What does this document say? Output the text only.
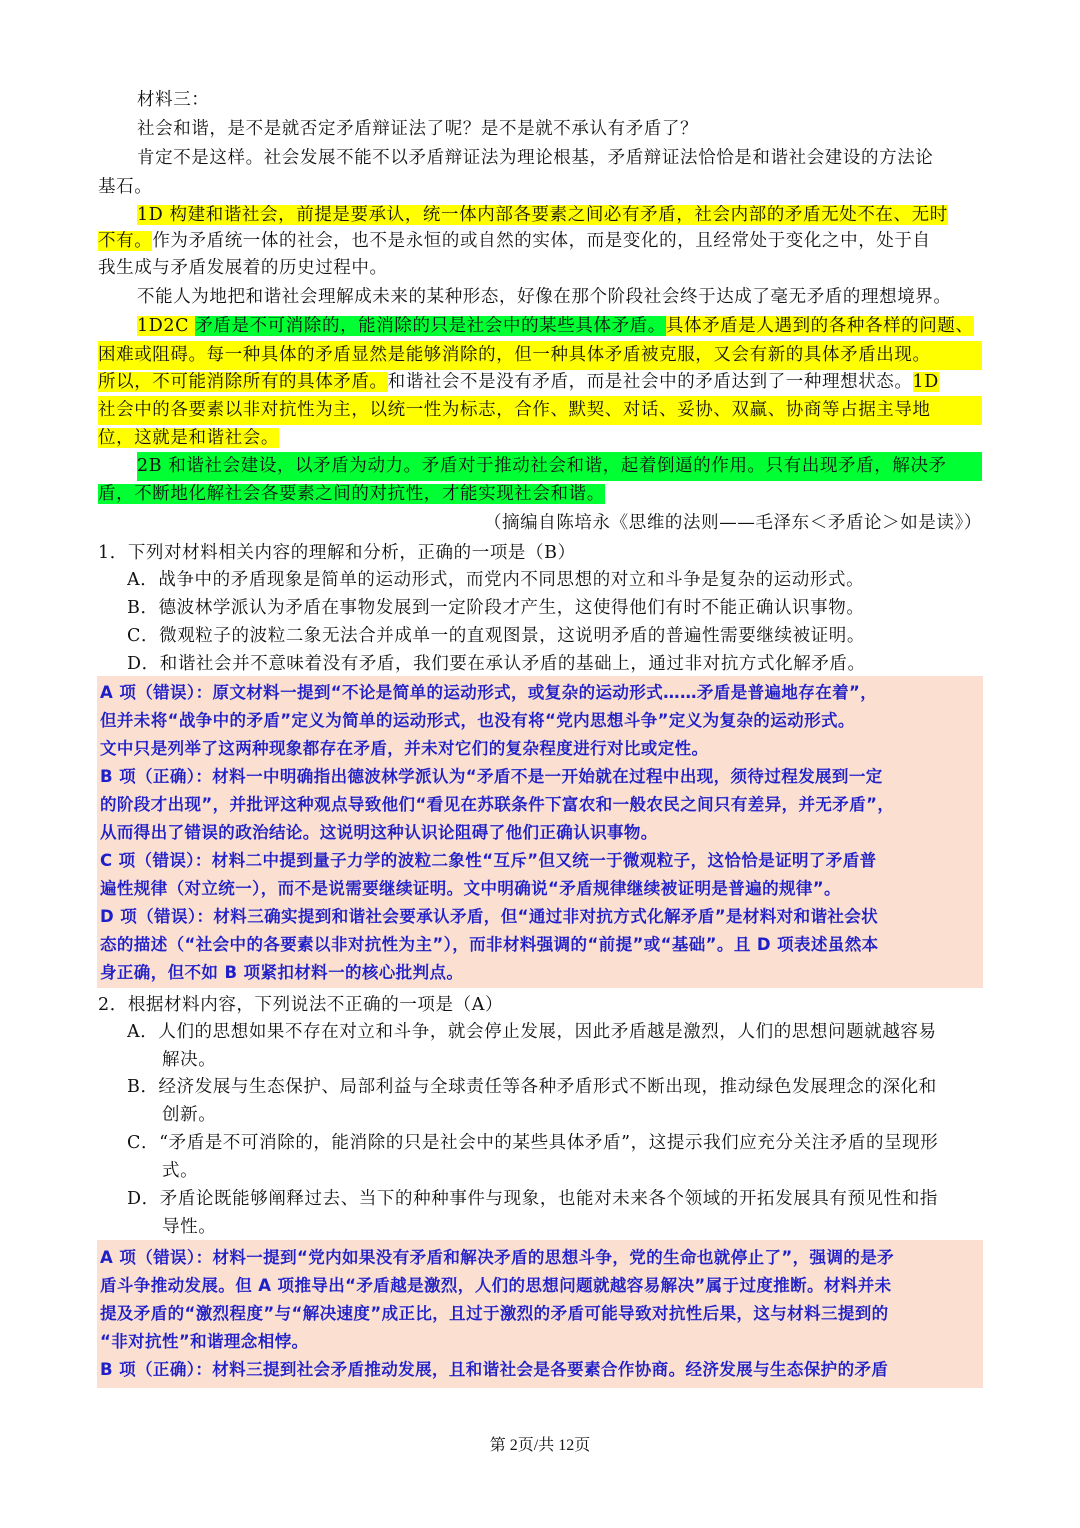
材料三：
社会和谐，是不是就否定矛盾辩证法了呢？是不是就不承认有矛盾了？
肯定不是这样。社会发展不能不以矛盾辩证法为理论根基，矛盾辩证法恰恰是和谐社会建设的方法论
基石。
1D 构建和谐社会，前提是要承认，统一体内部各要素之间必有矛盾，社会内部的矛盾无处不在、无时
不有。作为矛盾统一体的社会，也不是永恒的或自然的实体，而是变化的，且经常处于变化之中，处于自
我生成与矛盾发展着的历史过程中。
不能人为地把和谐社会理解成未来的某种形态，好像在那个阶段社会终于达成了毫无矛盾的理想境界。
1D2C 矛盾是不可消除的，能消除的只是社会中的某些具体矛盾。具体矛盾是人遇到的各种各样的问题、
困难或阻碍。每一种具体的矛盾显然是能够消除的，但一种具体矛盾被克服，又会有新的具体矛盾出现。
所以，不可能消除所有的具体矛盾。和谐社会不是没有矛盾，而是社会中的矛盾达到了一种理想状态。1D
社会中的各要素以非对抗性为主，以统一性为标志，合作、默契、对话、妥协、双赢、协商等占据主导地
位，这就是和谐社会。
2B 和谐社会建设，以矛盾为动力。矛盾对于推动社会和谐，起着倒逼的作用。只有出现矛盾，解决矛
盾，不断地化解社会各要素之间的对抗性，才能实现社会和谐。
（摘编自陈培永《思维的法则——毛泽东＜矛盾论＞如是读》）
1．下列对材料相关内容的理解和分析，正确的一项是（B）
A．战争中的矛盾现象是简单的运动形式，而党内不同思想的对立和斗争是复杂的运动形式。
B．德波林学派认为矛盾在事物发展到一定阶段才产生，这使得他们有时不能正确认识事物。
C．微观粒子的波粒二象无法合并成单一的直观图景，这说明矛盾的普遍性需要继续被证明。
D．和谐社会并不意味着没有矛盾，我们要在承认矛盾的基础上，通过非对抗方式化解矛盾。
A 项（错误）：原文材料一提到“不论是简单的运动形式，或复杂的运动形式……矛盾是普遍地存在着”，
但并未将“战争中的矛盾”定义为简单的运动形式，也没有将“党内思想斗争”定义为复杂的运动形式。
文中只是列举了这两种现象都存在矛盾，并未对它们的复杂程度进行对比或定性。
B 项（正确）：材料一中明确指出德波林学派认为“矛盾不是一开始就在过程中出现，须待过程发展到一定
的阶段才出现”，并批评这种观点导致他们“看见在苏联条件下富农和一般农民之间只有差异，并无矛盾”，
从而得出了错误的政治结论。这说明这种认识论阻碍了他们正确认识事物。
C 项（错误）：材料二中提到量子力学的波粒二象性“互斥”但又统一于微观粒子，这恰恰是证明了矛盾普
遍性规律（对立统一），而不是说需要继续证明。文中明确说“矛盾规律继续被证明是普遍的规律”。
D 项（错误）：材料三确实提到和谐社会要承认矛盾，但“通过非对抗方式化解矛盾”是材料对和谐社会状
态的描述（“社会中的各要素以非对抗性为主”），而非材料强调的“前提”或“基础”。且 D 项表述虽然本
身正确，但不如 B 项紧扣材料一的核心批判点。
2．根据材料内容，下列说法不正确的一项是（A）
A．人们的思想如果不存在对立和斗争，就会停止发展，因此矛盾越是激烈，人们的思想问题就越容易
解决。
B．经济发展与生态保护、局部利益与全球责任等各种矛盾形式不断出现，推动绿色发展理念的深化和
创新。
C．“矛盾是不可消除的，能消除的只是社会中的某些具体矛盾”，这提示我们应充分关注矛盾的呈现形
式。
D．矛盾论既能够阐释过去、当下的种种事件与现象，也能对未来各个领域的开拓发展具有预见性和指
导性。
A 项（错误）：材料一提到“党内如果没有矛盾和解决矛盾的思想斗争，党的生命也就停止了”，强调的是矛
盾斗争推动发展。但 A 项推导出“矛盾越是激烈，人们的思想问题就越容易解决”属于过度推断。材料并未
提及矛盾的“激烈程度”与“解决速度”成正比，且过于激烈的矛盾可能导致对抗性后果，这与材料三提到的
“非对抗性”和谐理念相悖。
B 项（正确）：材料三提到社会矛盾推动发展，且和谐社会是各要素合作协商。经济发展与生态保护的矛盾
第 2页/共 12页
